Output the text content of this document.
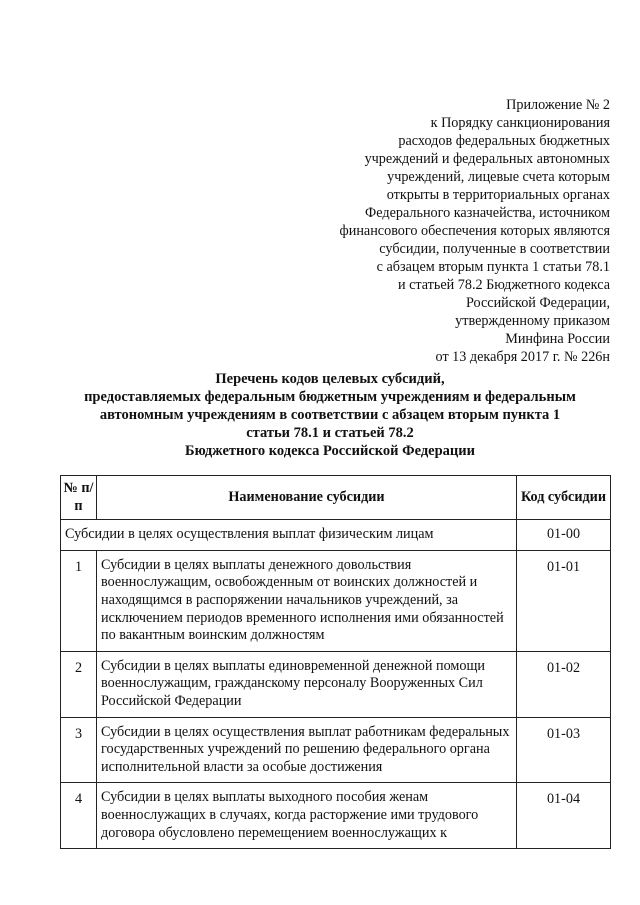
Приложение № 2
к Порядку санкционирования
расходов федеральных бюджетных
учреждений и федеральных автономных
учреждений, лицевые счета которым
открыты в территориальных органах
Федерального казначейства, источником
финансового обеспечения которых являются
субсидии, полученные в соответствии
с абзацем вторым пункта 1 статьи 78.1
и статьей 78.2 Бюджетного кодекса
Российской Федерации,
утвержденному приказом
Минфина России
от 13 декабря 2017 г. № 226н
Перечень кодов целевых субсидий,
предоставляемых федеральным бюджетным учреждениям и федеральным
автономным учреждениям в соответствии с абзацем вторым пункта 1
статьи 78.1 и статьей 78.2
Бюджетного кодекса Российской Федерации
№ п/п	Наименование субсидии	Код субсидии
Субсидии в целях осуществления выплат физическим лицам		01-00
1	Субсидии в целях выплаты денежного довольствия военнослужащим, освобожденным от воинских должностей и находящимся в распоряжении начальников учреждений, за исключением периодов временного исполнения ими обязанностей по вакантным воинским должностям	01-01
2	Субсидии в целях выплаты единовременной денежной помощи военнослужащим, гражданскому персоналу Вооруженных Сил Российской Федерации	01-02
3	Субсидии в целях осуществления выплат работникам федеральных государственных учреждений по решению федерального органа исполнительной власти за особые достижения	01-03
4	Субсидии в целях выплаты выходного пособия женам военнослужащих в случаях, когда расторжение ими трудового договора обусловлено перемещением военнослужащих к	01-04
